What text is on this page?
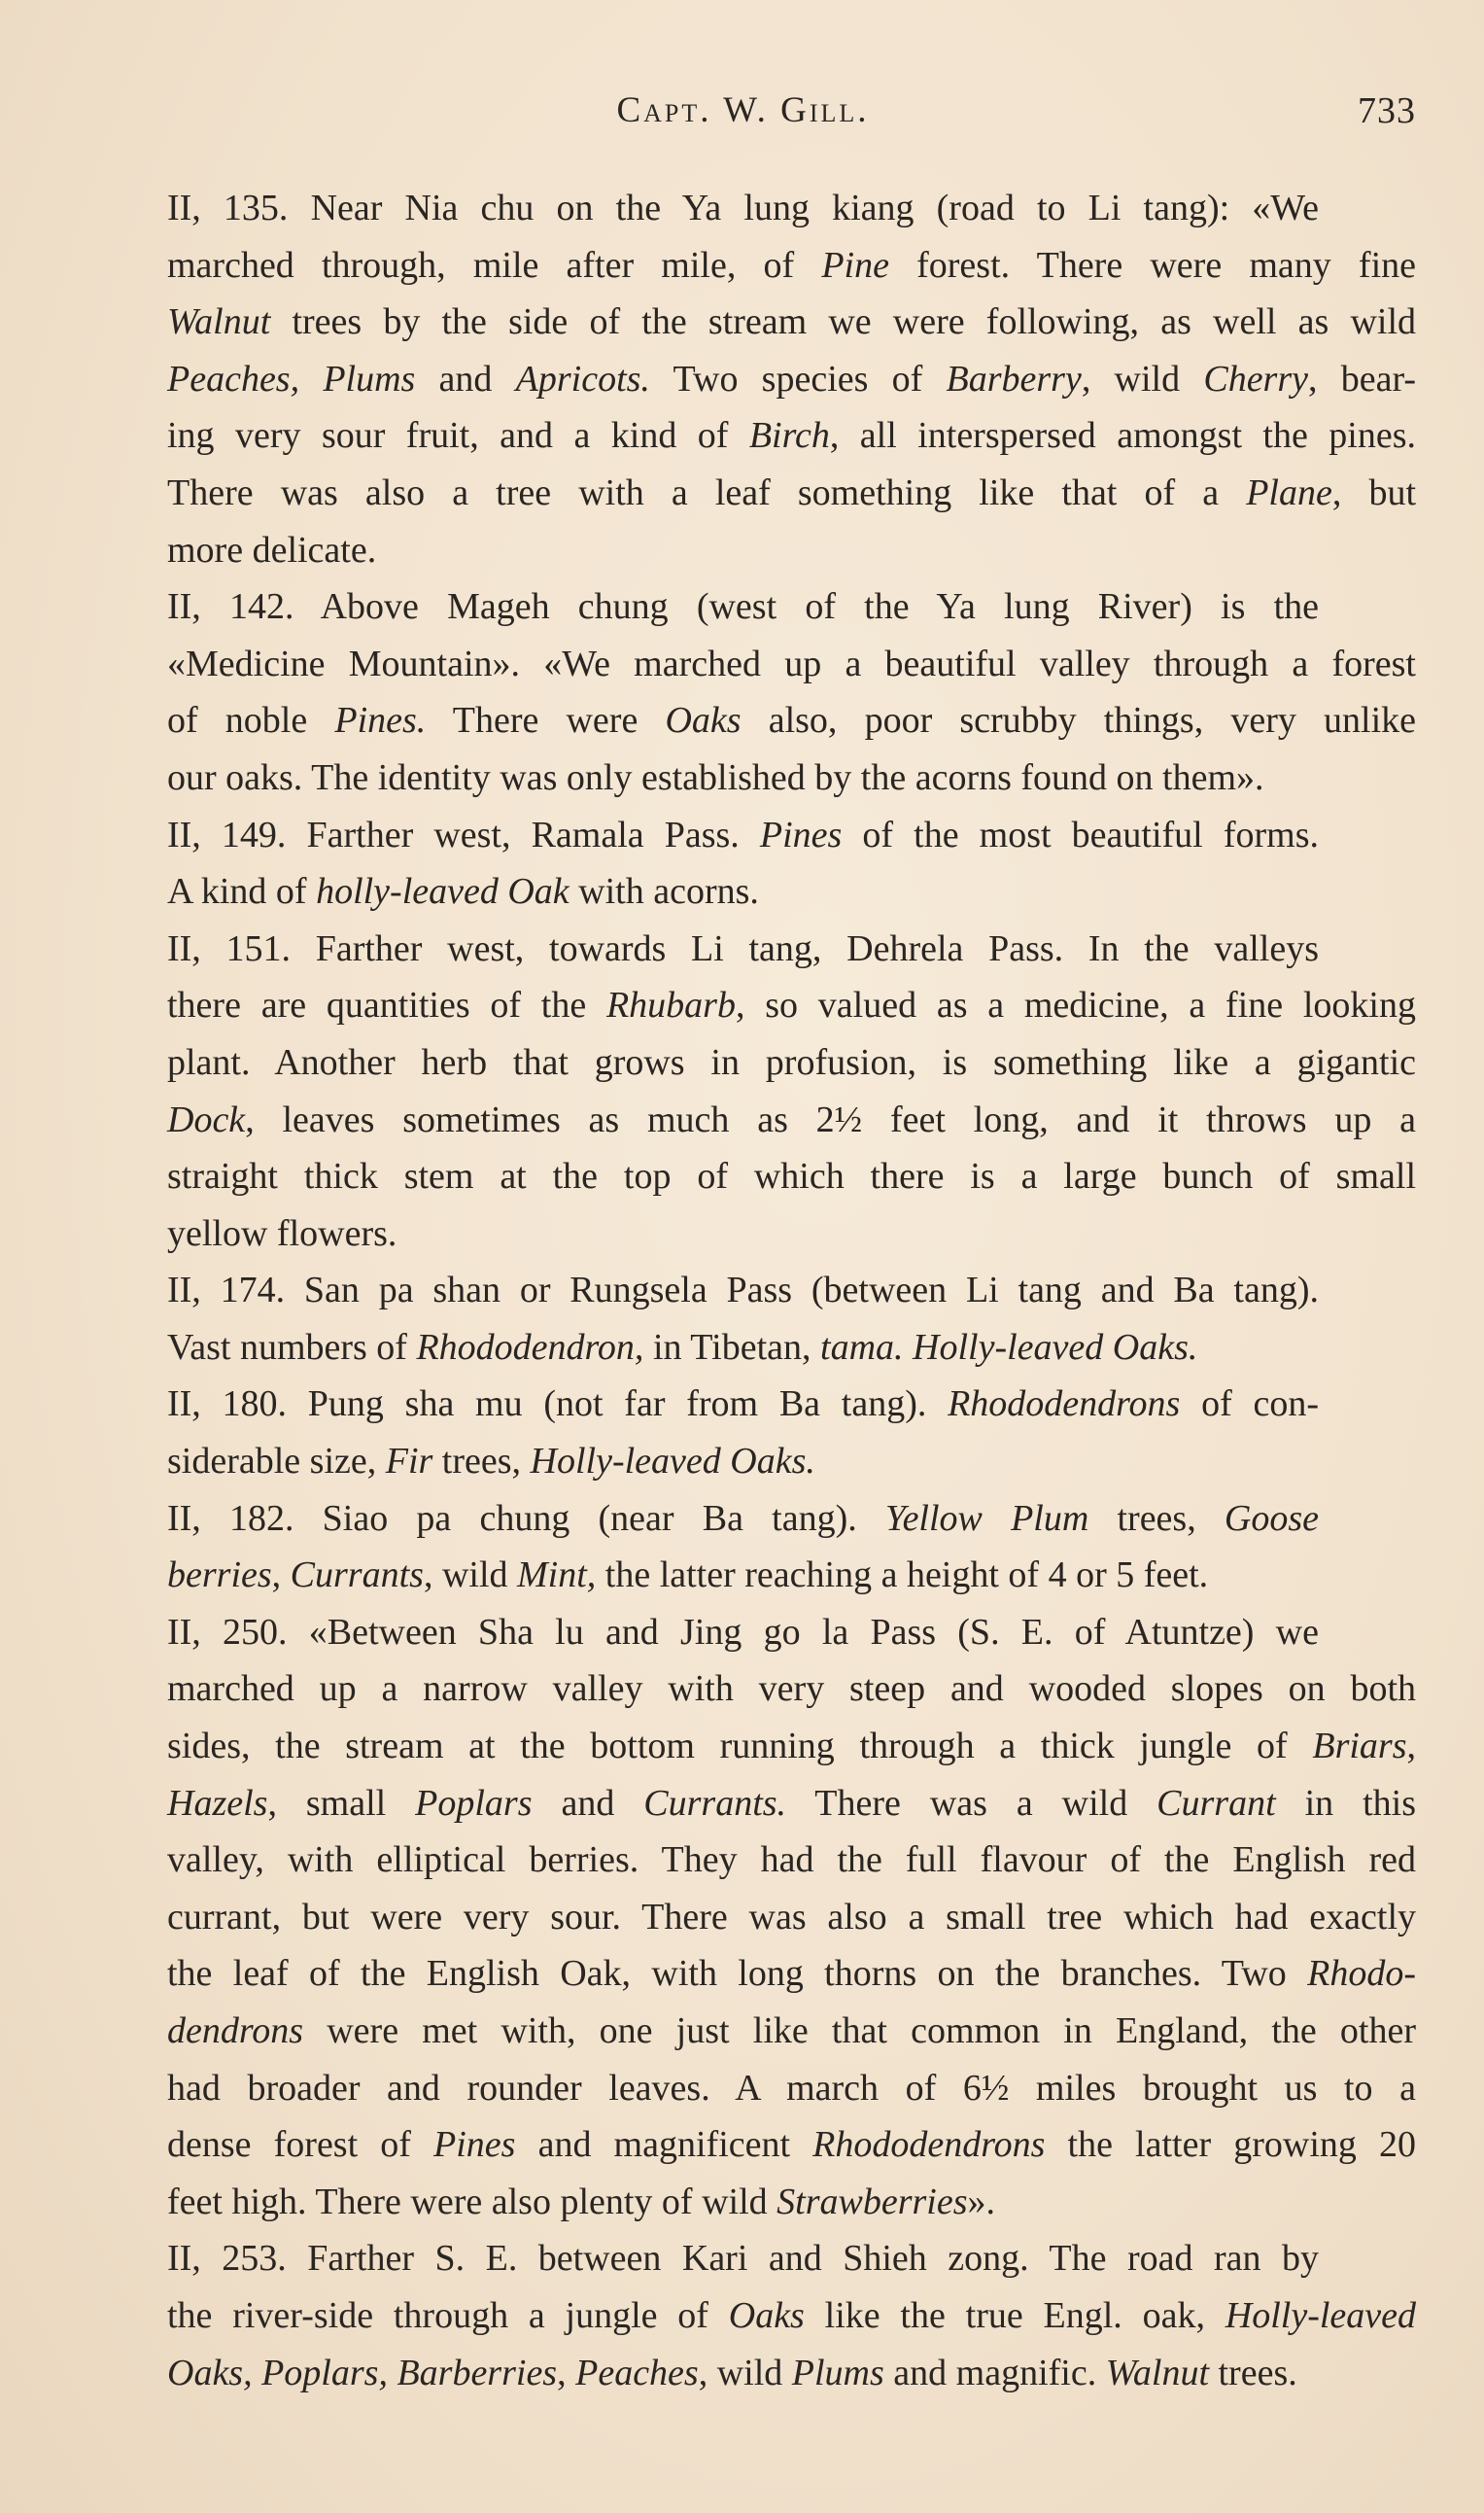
Capt. W. Gill.	733

II, 135. Near Nia chu on the Ya lung kiang (road to Li tang): «We
marched through, mile after mile, of Pine forest. There were many fine
Walnut trees by the side of the stream we were following, as well as wild
Peaches, Plums and Apricots. Two species of Barberry, wild Cherry, bear-
ing very sour fruit, and a kind of Birch, all interspersed amongst the pines.
There was also a tree with a leaf something like that of a Plane, but
more delicate.

II, 142. Above Mageh chung (west of the Ya lung River) is the
«Medicine Mountain». «We marched up a beautiful valley through a forest
of noble Pines. There were Oaks also, poor scrubby things, very unlike
our oaks. The identity was only established by the acorns found on them».

II, 149. Farther west, Ramala Pass. Pines of the most beautiful forms.
A kind of holly-leaved Oak with acorns.

II, 151. Farther west, towards Li tang, Dehrela Pass. In the valleys
there are quantities of the Rhubarb, so valued as a medicine, a fine looking
plant. Another herb that grows in profusion, is something like a gigantic
Dock, leaves sometimes as much as 2½ feet long, and it throws up a
straight thick stem at the top of which there is a large bunch of small
yellow flowers.

II, 174. San pa shan or Rungsela Pass (between Li tang and Ba tang).
Vast numbers of Rhododendron, in Tibetan, tama. Holly-leaved Oaks.

II, 180. Pung sha mu (not far from Ba tang). Rhododendrons of con-
siderable size, Fir trees, Holly-leaved Oaks.

II, 182. Siao pa chung (near Ba tang). Yellow Plum trees, Goose
berries, Currants, wild Mint, the latter reaching a height of 4 or 5 feet.

II, 250. «Between Sha lu and Jing go la Pass (S. E. of Atuntze) we
marched up a narrow valley with very steep and wooded slopes on both
sides, the stream at the bottom running through a thick jungle of Briars,
Hazels, small Poplars and Currants. There was a wild Currant in this
valley, with elliptical berries. They had the full flavour of the English red
currant, but were very sour. There was also a small tree which had exactly
the leaf of the English Oak, with long thorns on the branches. Two Rhodo-
dendrons were met with, one just like that common in England, the other
had broader and rounder leaves. A march of 6½ miles brought us to a
dense forest of Pines and magnificent Rhododendrons the latter growing 20
feet high. There were also plenty of wild Strawberries».

II, 253. Farther S. E. between Kari and Shieh zong. The road ran by
the river-side through a jungle of Oaks like the true Engl. oak, Holly-leaved
Oaks, Poplars, Barberries, Peaches, wild Plums and magnific. Walnut trees.
